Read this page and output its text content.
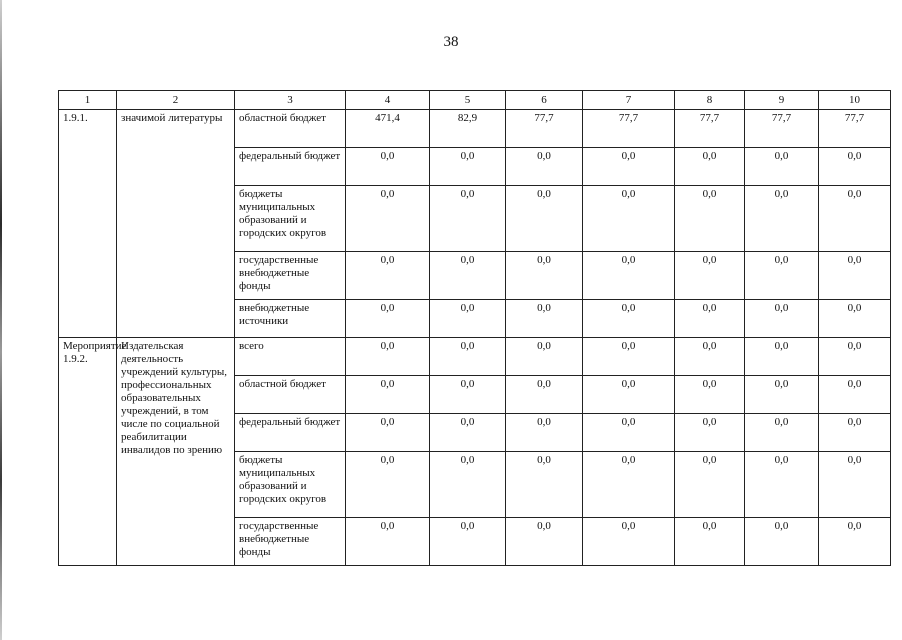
38
1	2	3	4	5	6	7	8	9	10
1.9.1.	значимой литературы	областной бюджет	471,4	82,9	77,7	77,7	77,7	77,7	77,7
		федеральный бюджет	0,0	0,0	0,0	0,0	0,0	0,0	0,0
		бюджеты муниципальных образований и городских округов	0,0	0,0	0,0	0,0	0,0	0,0	0,0
		государственные внебюджетные фонды	0,0	0,0	0,0	0,0	0,0	0,0	0,0
		внебюджетные источники	0,0	0,0	0,0	0,0	0,0	0,0	0,0
Мероприятие 1.9.2.	Издательская деятельность учреждений культуры, профессиональных образовательных учреждений, в том числе по социальной реабилитации инвалидов по зрению	всего	0,0	0,0	0,0	0,0	0,0	0,0	0,0
		областной бюджет	0,0	0,0	0,0	0,0	0,0	0,0	0,0
		федеральный бюджет	0,0	0,0	0,0	0,0	0,0	0,0	0,0
		бюджеты муниципальных образований и городских округов	0,0	0,0	0,0	0,0	0,0	0,0	0,0
		государственные внебюджетные фонды	0,0	0,0	0,0	0,0	0,0	0,0	0,0
